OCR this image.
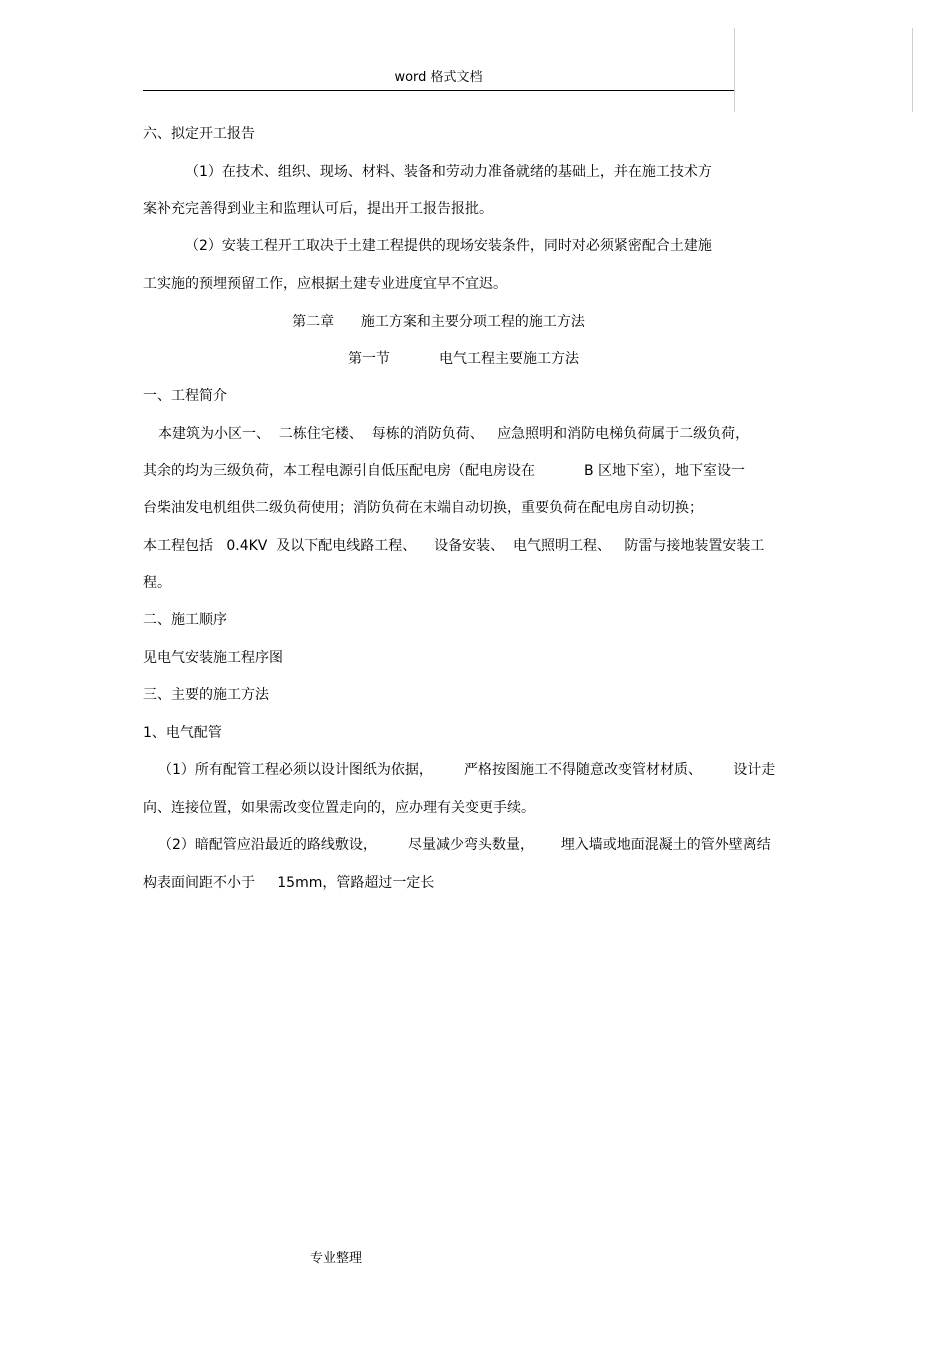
word 格式文档
六、拟定开工报告
（1）在技术、组织、现场、材料、装备和劳动力准备就绪的基础上，并在施工技术方
案补充完善得到业主和监理认可后，提出开工报告报批。
（2）安装工程开工取决于土建工程提供的现场安装条件，同时对必须紧密配合土建施
工实施的预埋预留工作，应根据土建专业进度宜早不宜迟。
第二章      施工方案和主要分项工程的施工方法
第一节           电气工程主要施工方法
一、工程简介
本建筑为小区一、  二栋住宅楼、  每栋的消防负荷、   应急照明和消防电梯负荷属于二级负荷，
其余的均为三级负荷，本工程电源引自低压配电房（配电房设在           B 区地下室），地下室设一
台柴油发电机组供二级负荷使用；消防负荷在末端自动切换，重要负荷在配电房自动切换；
本工程包括   0.4KV  及以下配电线路工程、    设备安装、  电气照明工程、   防雷与接地装置安装工
程。
二、施工顺序
见电气安装施工程序图
三、主要的施工方法
1、电气配管
（1）所有配管工程必须以设计图纸为依据，       严格按图施工不得随意改变管材材质、       设计走
向、连接位置，如果需改变位置走向的，应办理有关变更手续。
（2）暗配管应沿最近的路线敷设，       尽量减少弯头数量，      埋入墙或地面混凝土的管外壁离结
构表面间距不小于     15mm，管路超过一定长
专业整理
